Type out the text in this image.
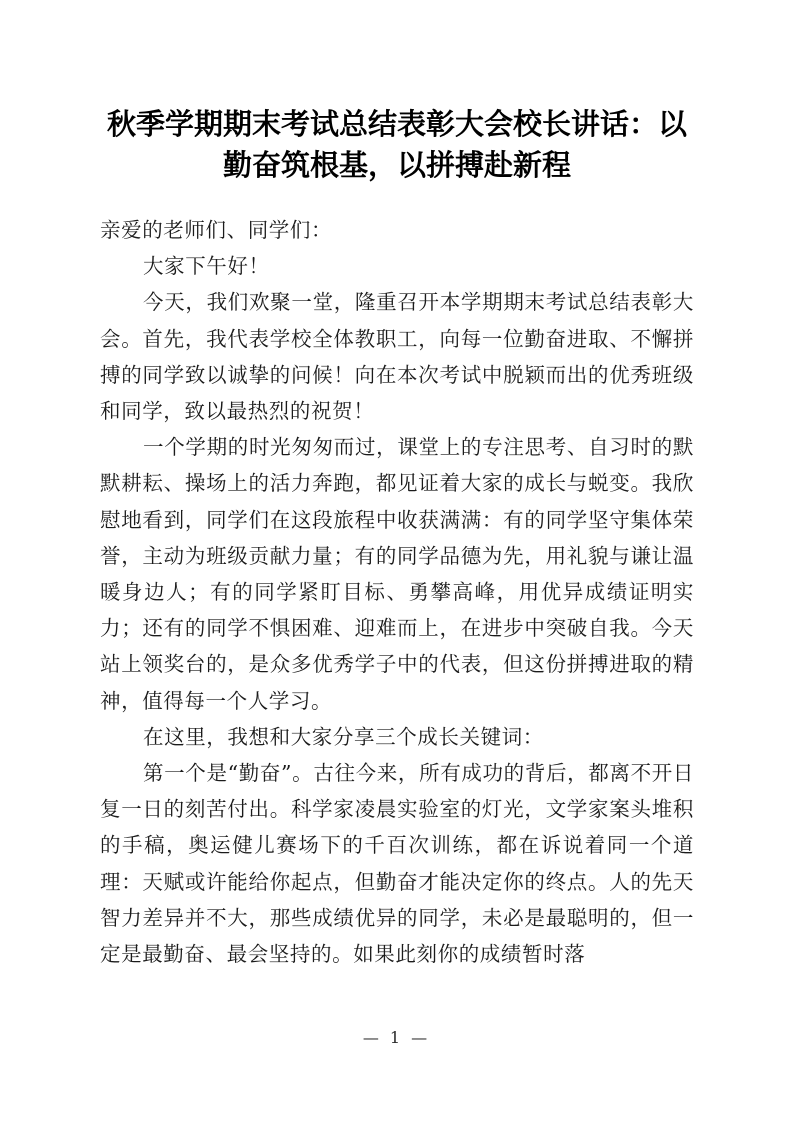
秋季学期期末考试总结表彰大会校长讲话：以勤奋筑根基，以拼搏赴新程

亲爱的老师们、同学们：

大家下午好！

今天，我们欢聚一堂，隆重召开本学期期末考试总结表彰大会。首先，我代表学校全体教职工，向每一位勤奋进取、不懈拼搏的同学致以诚挚的问候！向在本次考试中脱颖而出的优秀班级和同学，致以最热烈的祝贺！

一个学期的时光匆匆而过，课堂上的专注思考、自习时的默默耕耘、操场上的活力奔跑，都见证着大家的成长与蜕变。我欣慰地看到，同学们在这段旅程中收获满满：有的同学坚守集体荣誉，主动为班级贡献力量；有的同学品德为先，用礼貌与谦让温暖身边人；有的同学紧盯目标、勇攀高峰，用优异成绩证明实力；还有的同学不惧困难、迎难而上，在进步中突破自我。今天站上领奖台的，是众多优秀学子中的代表，但这份拼搏进取的精神，值得每一个人学习。

在这里，我想和大家分享三个成长关键词：

第一个是“勤奋”。古往今来，所有成功的背后，都离不开日复一日的刻苦付出。科学家凌晨实验室的灯光，文学家案头堆积的手稿，奥运健儿赛场下的千百次训练，都在诉说着同一个道理：天赋或许能给你起点，但勤奋才能决定你的终点。人的先天智力差异并不大，那些成绩优异的同学，未必是最聪明的，但一定是最勤奋、最会坚持的。如果此刻你的成绩暂时落

— 1 —
